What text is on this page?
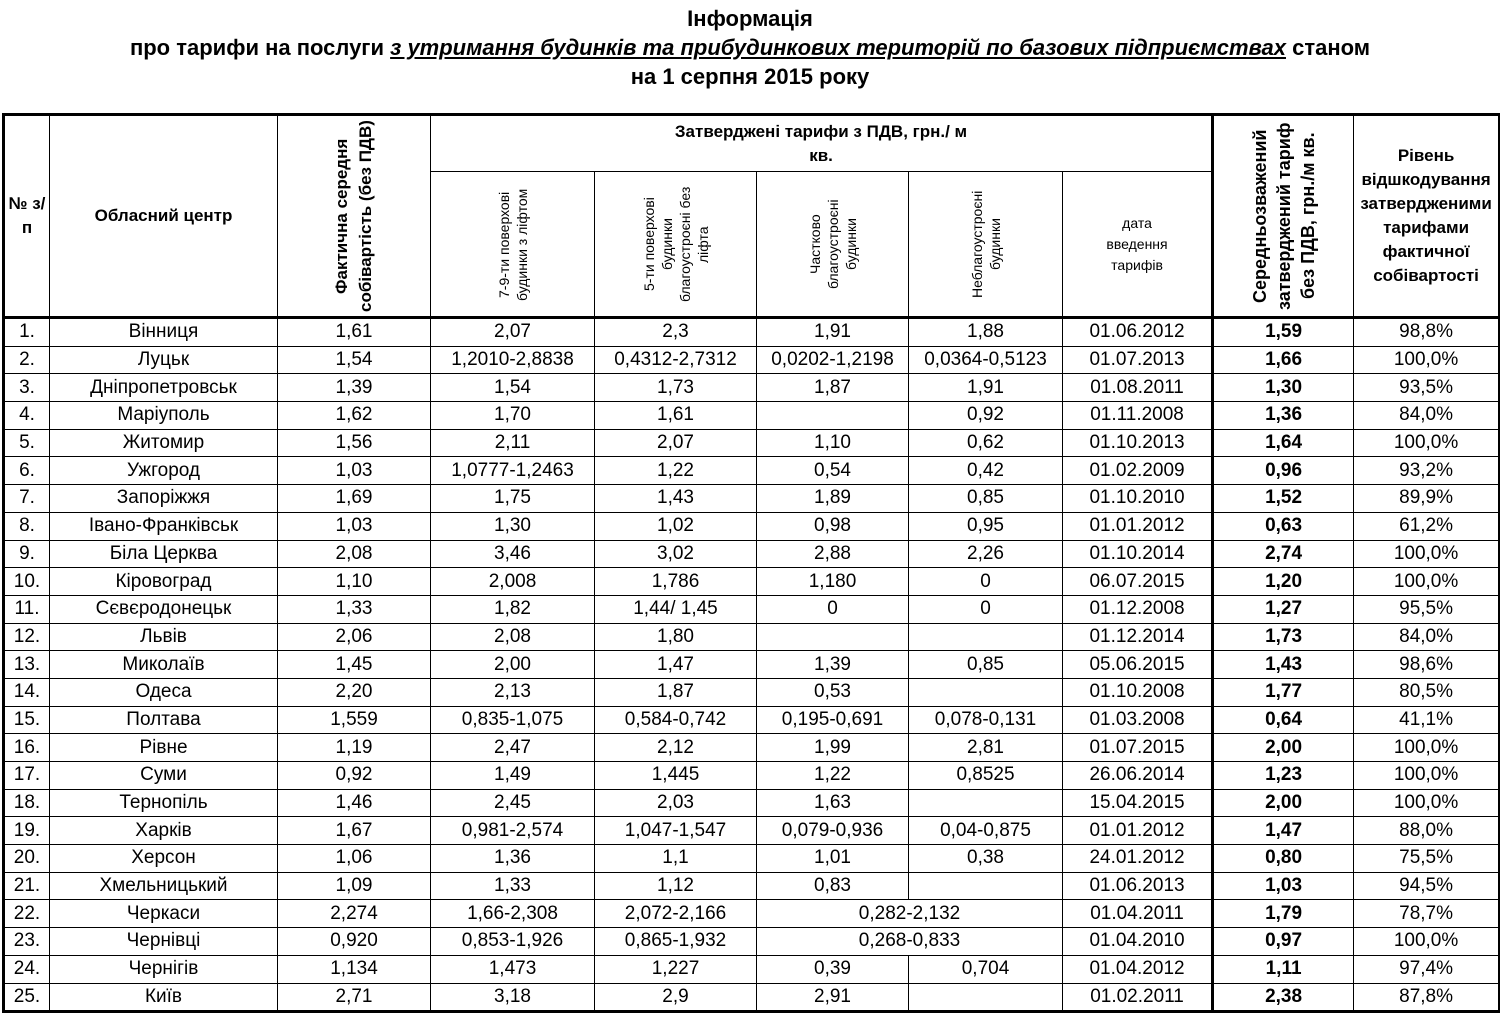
Інформація
про тарифи на послуги з утримання будинків та прибудинкових територій по базових підприємствах станом
на 1 серпня 2015 року
№ з/п	Обласний центр	Фактична середня собівартість (без ПДВ)	Затверджені тарифи з ПДВ, грн./ м кв.					Середньозважений затверджений тариф без ПДВ, грн./м кв.	Рівень відшкодування затвердженими тарифами фактичної собівартості

			7-9-ти поверхові будинки з ліфтом	5-ти поверхові будинки благоустроєні без ліфта	Частково благоустроєні будинки	Неблагоустроєні будинки	дата введення тарифів		
1.	Вінниця	1,61	2,07	2,3	1,91	1,88	01.06.2012	1,59	98,8%
2.	Луцьк	1,54	1,2010-2,8838	0,4312-2,7312	0,0202-1,2198	0,0364-0,5123	01.07.2013	1,66	100,0%
3.	Дніпропетровськ	1,39	1,54	1,73	1,87	1,91	01.08.2011	1,30	93,5%
4.	Маріуполь	1,62	1,70	1,61		0,92	01.11.2008	1,36	84,0%
5.	Житомир	1,56	2,11	2,07	1,10	0,62	01.10.2013	1,64	100,0%
6.	Ужгород	1,03	1,0777-1,2463	1,22	0,54	0,42	01.02.2009	0,96	93,2%
7.	Запоріжжя	1,69	1,75	1,43	1,89	0,85	01.10.2010	1,52	89,9%
8.	Івано-Франківськ	1,03	1,30	1,02	0,98	0,95	01.01.2012	0,63	61,2%
9.	Біла Церква	2,08	3,46	3,02	2,88	2,26	01.10.2014	2,74	100,0%
10.	Кіровоград	1,10	2,008	1,786	1,180	0	06.07.2015	1,20	100,0%
11.	Сєвєродонецьк	1,33	1,82	1,44/ 1,45	0	0	01.12.2008	1,27	95,5%
12.	Львів	2,06	2,08	1,80			01.12.2014	1,73	84,0%
13.	Миколаїв	1,45	2,00	1,47	1,39	0,85	05.06.2015	1,43	98,6%
14.	Одеса	2,20	2,13	1,87	0,53		01.10.2008	1,77	80,5%
15.	Полтава	1,559	0,835-1,075	0,584-0,742	0,195-0,691	0,078-0,131	01.03.2008	0,64	41,1%
16.	Рівне	1,19	2,47	2,12	1,99	2,81	01.07.2015	2,00	100,0%
17.	Суми	0,92	1,49	1,445	1,22	0,8525	26.06.2014	1,23	100,0%
18.	Тернопіль	1,46	2,45	2,03	1,63		15.04.2015	2,00	100,0%
19.	Харків	1,67	0,981-2,574	1,047-1,547	0,079-0,936	0,04-0,875	01.01.2012	1,47	88,0%
20.	Херсон	1,06	1,36	1,1	1,01	0,38	24.01.2012	0,80	75,5%
21.	Хмельницький	1,09	1,33	1,12	0,83		01.06.2013	1,03	94,5%
22.	Черкаси	2,274	1,66-2,308	2,072-2,166	0,282-2,132		01.04.2011	1,79	78,7%
23.	Чернівці	0,920	0,853-1,926	0,865-1,932	0,268-0,833		01.04.2010	0,97	100,0%
24.	Чернігів	1,134	1,473	1,227	0,39	0,704	01.04.2012	1,11	97,4%
25.	Київ	2,71	3,18	2,9	2,91		01.02.2011	2,38	87,8%
